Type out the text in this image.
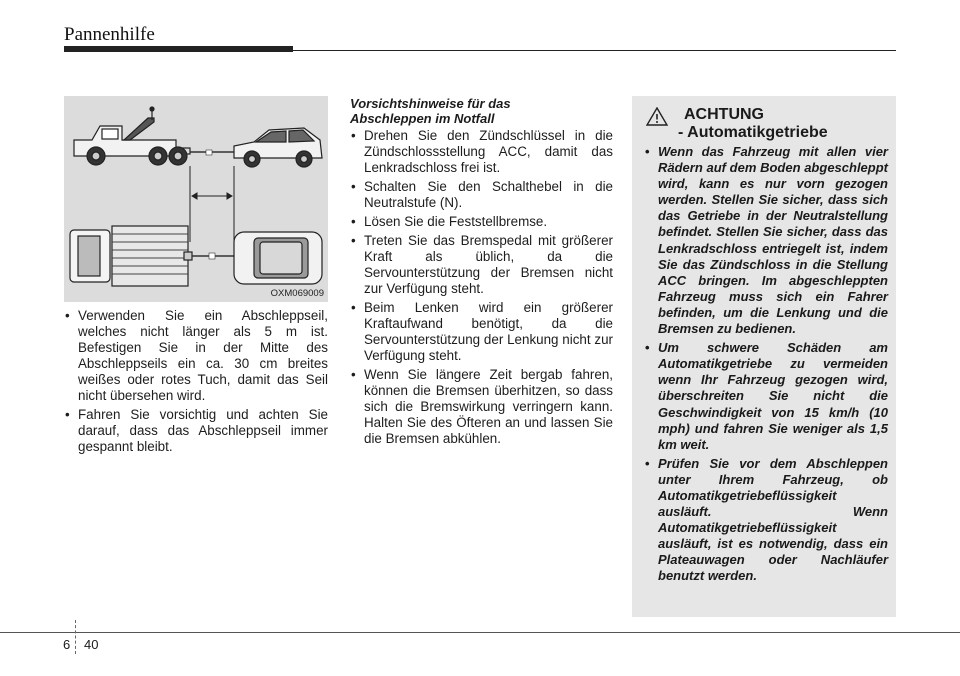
Pannenhilfe
OXM069009
• Verwenden Sie ein Abschleppseil, welches nicht länger als 5 m ist. Befestigen Sie in der Mitte des Abschleppseils ein ca. 30 cm breites weißes oder rotes Tuch, damit das Seil nicht übersehen wird.
• Fahren Sie vorsichtig und achten Sie darauf, dass das Abschleppseil immer gespannt bleibt.
Vorsichtshinweise für das
Abschleppen im Notfall
• Drehen Sie den Zündschlüssel in die Zündschlossstellung ACC, damit das Lenkradschloss frei ist.
• Schalten Sie den Schalthebel in die Neutralstufe (N).
• Lösen Sie die Feststellbremse.
• Treten Sie das Bremspedal mit größerer Kraft als üblich, da die Servounterstützung der Bremsen nicht zur Verfügung steht.
• Beim Lenken wird ein größerer Kraftaufwand benötigt, da die Servounterstützung der Lenkung nicht zur Verfügung steht.
• Wenn Sie längere Zeit bergab fahren, können die Bremsen überhitzen, so dass sich die Bremswirkung verringern kann. Halten Sie des Öfteren an und lassen Sie die Bremsen abkühlen.
ACHTUNG
- Automatikgetriebe
• Wenn das Fahrzeug mit allen vier Rädern auf dem Boden abgeschleppt wird, kann es nur vorn gezogen werden. Stellen Sie sicher, dass sich das Getriebe in der Neutralstellung befindet. Stellen Sie sicher, dass das Lenkradschloss entriegelt ist, indem Sie das Zündschloss in die Stellung ACC bringen. Im abgeschleppten Fahrzeug muss sich ein Fahrer befinden, um die Lenkung und die Bremsen zu bedienen.
• Um schwere Schäden am Automatikgetriebe zu vermeiden wenn Ihr Fahrzeug gezogen wird, überschreiten Sie nicht die Geschwindigkeit von 15 km/h (10 mph) und fahren Sie weniger als 1,5 km weit.
• Prüfen Sie vor dem Abschleppen unter Ihrem Fahrzeug, ob Automatikgetriebeflüssigkeit ausläuft. Wenn Automatikgetriebeflüssigkeit ausläuft, ist es notwendig, dass ein Plateauwagen oder Nachläufer benutzt werden.
6 40
